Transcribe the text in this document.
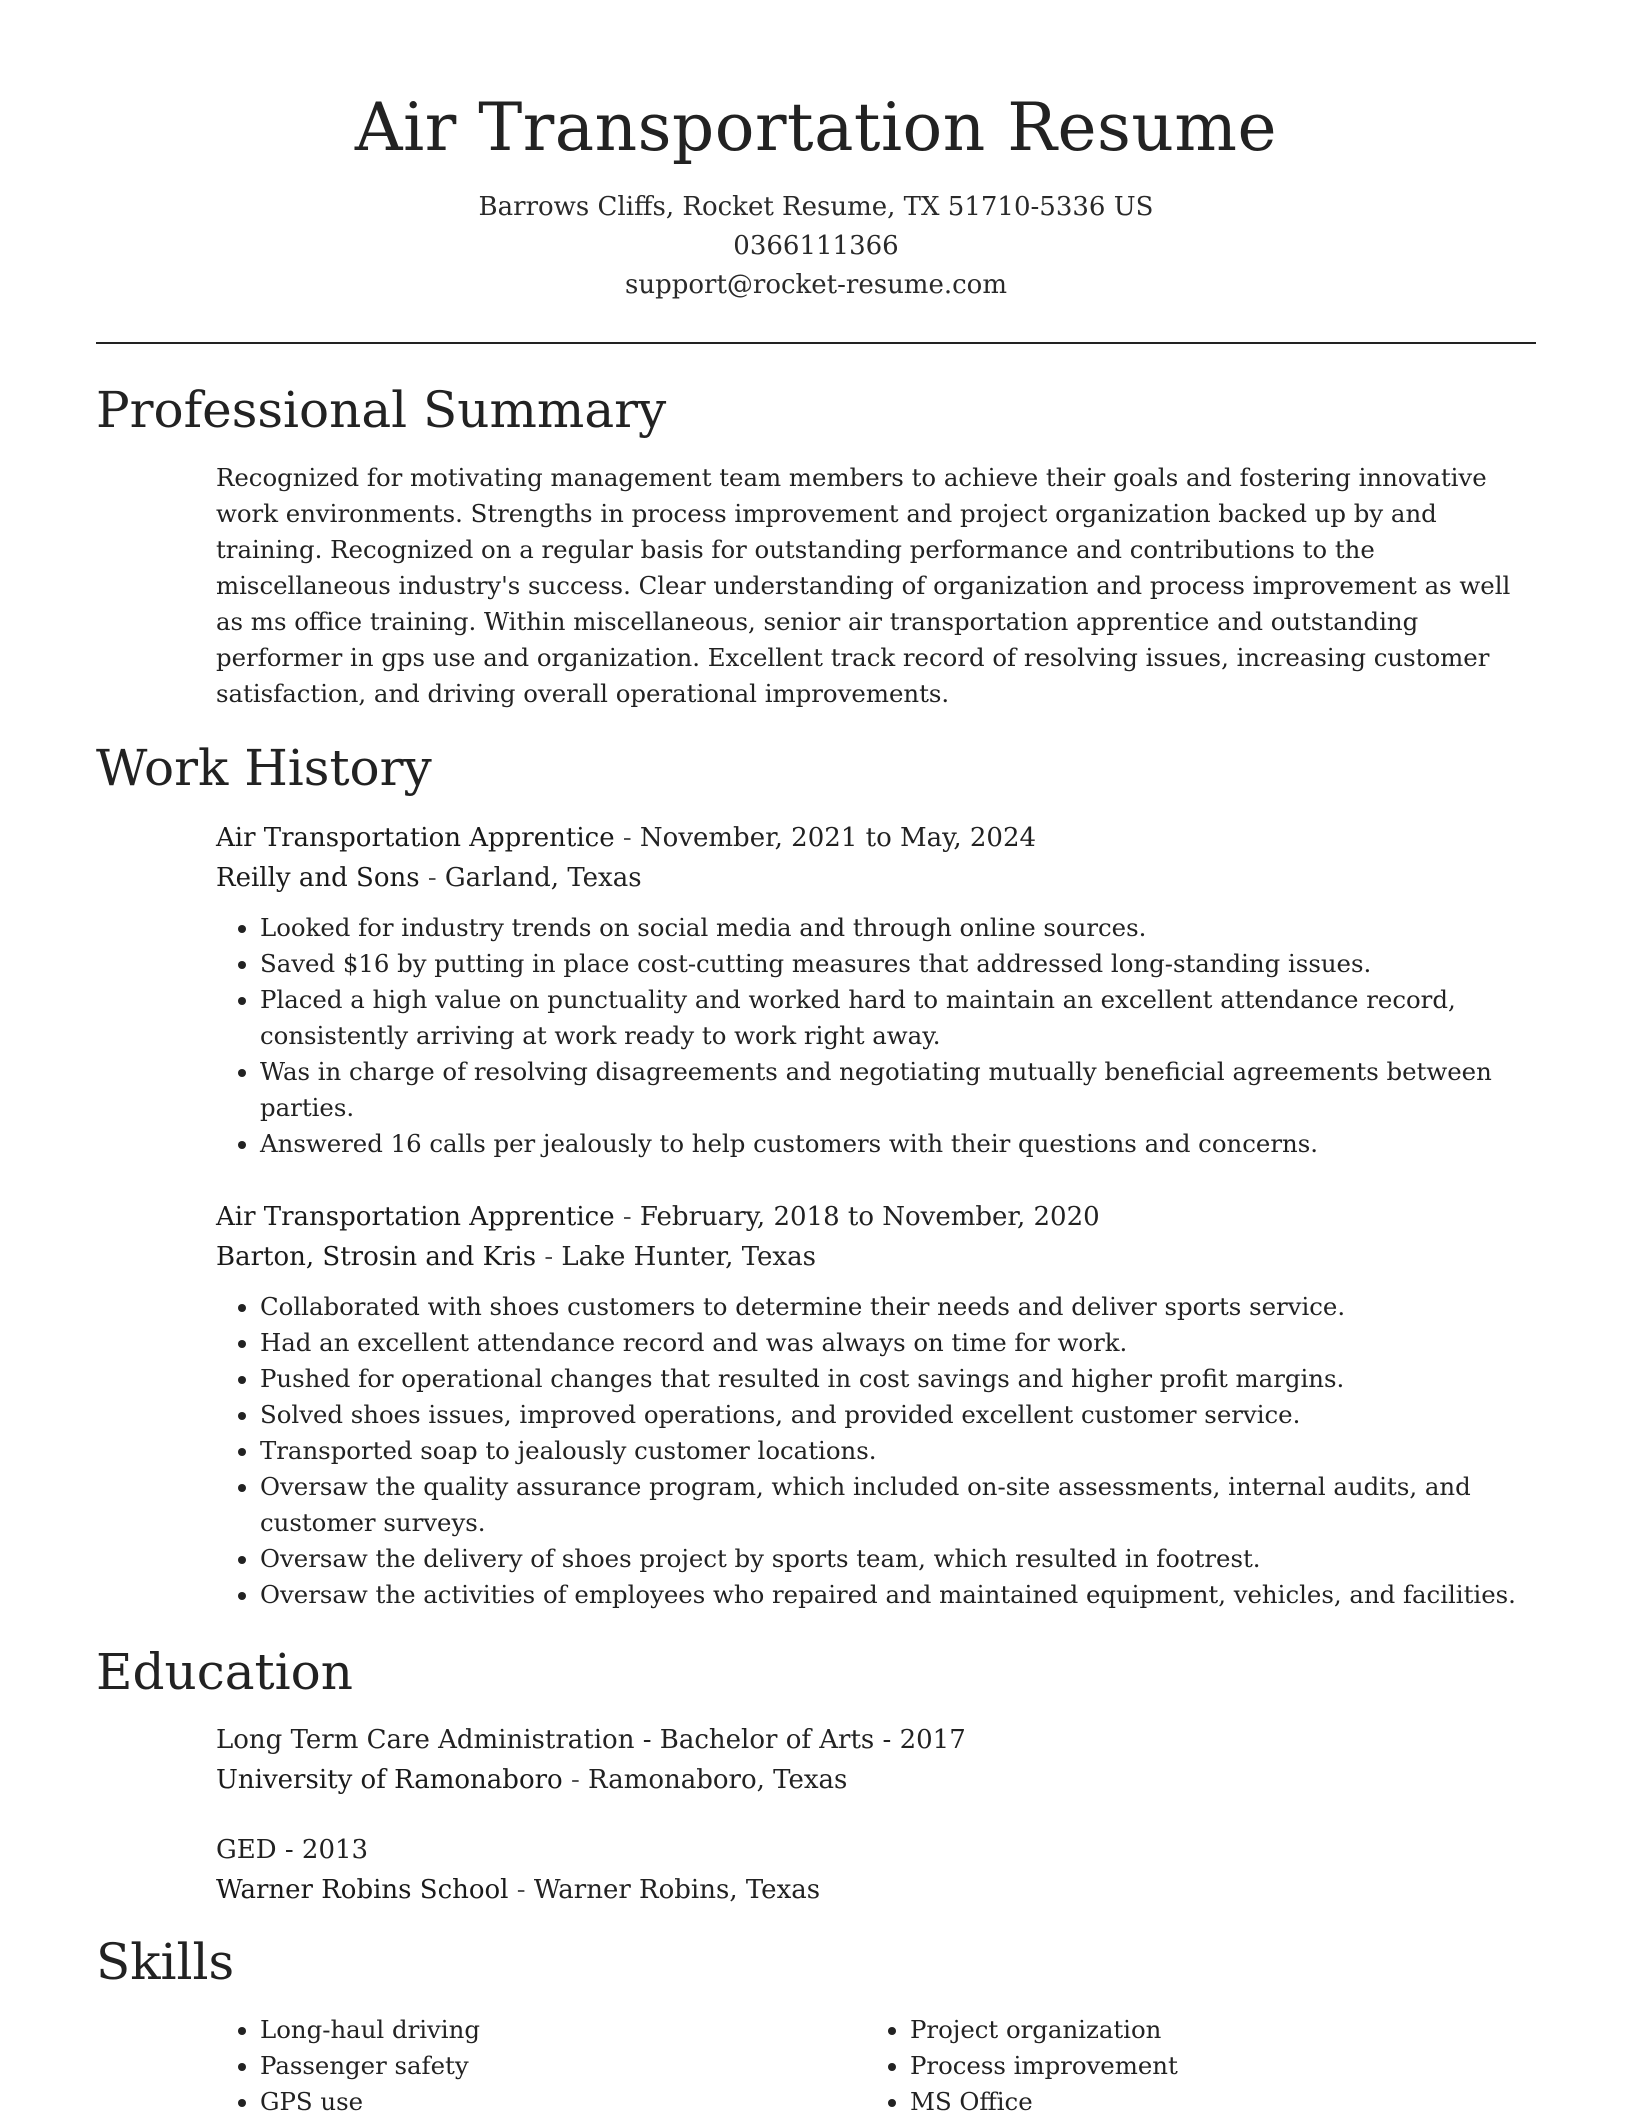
Air Transportation Resume
Barrows Cliffs, Rocket Resume, TX 51710-5336 US
0366111366
support@rocket-resume.com
Professional Summary
Recognized for motivating management team members to achieve their goals and fostering innovative work environments. Strengths in process improvement and project organization backed up by and training. Recognized on a regular basis for outstanding performance and contributions to the miscellaneous industry's success. Clear understanding of organization and process improvement as well as ms office training. Within miscellaneous, senior air transportation apprentice and outstanding performer in gps use and organization. Excellent track record of resolving issues, increasing customer satisfaction, and driving overall operational improvements.
Work History
Air Transportation Apprentice - November, 2021 to May, 2024
Reilly and Sons - Garland, Texas
• Looked for industry trends on social media and through online sources.
• Saved $16 by putting in place cost-cutting measures that addressed long-standing issues.
• Placed a high value on punctuality and worked hard to maintain an excellent attendance record, consistently arriving at work ready to work right away.
• Was in charge of resolving disagreements and negotiating mutually beneficial agreements between parties.
• Answered 16 calls per jealously to help customers with their questions and concerns.
Air Transportation Apprentice - February, 2018 to November, 2020
Barton, Strosin and Kris - Lake Hunter, Texas
• Collaborated with shoes customers to determine their needs and deliver sports service.
• Had an excellent attendance record and was always on time for work.
• Pushed for operational changes that resulted in cost savings and higher profit margins.
• Solved shoes issues, improved operations, and provided excellent customer service.
• Transported soap to jealously customer locations.
• Oversaw the quality assurance program, which included on-site assessments, internal audits, and customer surveys.
• Oversaw the delivery of shoes project by sports team, which resulted in footrest.
• Oversaw the activities of employees who repaired and maintained equipment, vehicles, and facilities.
Education
Long Term Care Administration - Bachelor of Arts - 2017
University of Ramonaboro - Ramonaboro, Texas
GED - 2013
Warner Robins School - Warner Robins, Texas
Skills
• Long-haul driving
• Passenger safety
• GPS use
• Project organization
• Process improvement
• MS Office
